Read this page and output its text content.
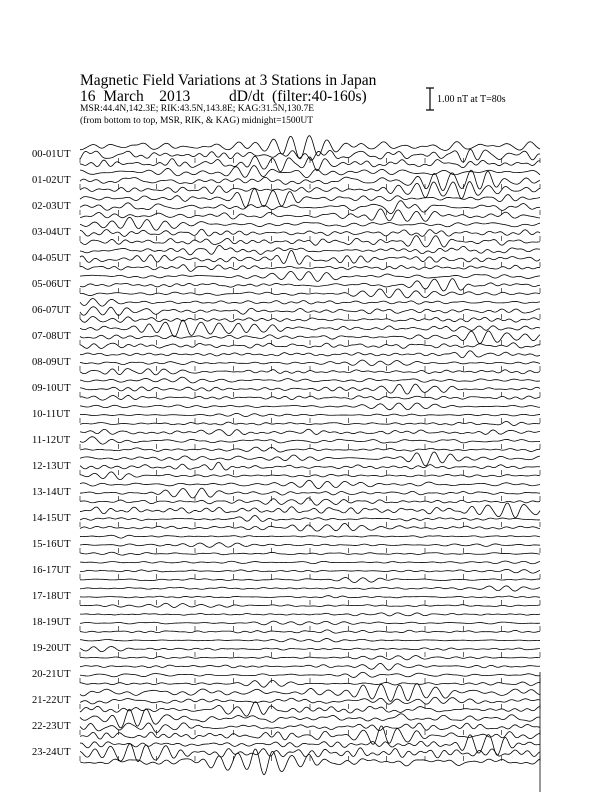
Magnetic Field Variations at 3 Stations in Japan
16  March    2013	dD/dt  (filter:40-160s)
MSR:44.4N,142.3E; RIK:43.5N,143.8E; KAG:31.5N,130.7E
(from bottom to top, MSR, RIK, & KAG) midnight=1500UT
1.00 nT at T=80s
00-01UT
01-02UT
02-03UT
03-04UT
04-05UT
05-06UT
06-07UT
07-08UT
08-09UT
09-10UT
10-11UT
11-12UT
12-13UT
13-14UT
14-15UT
15-16UT
16-17UT
17-18UT
18-19UT
19-20UT
20-21UT
21-22UT
22-23UT
23-24UT
